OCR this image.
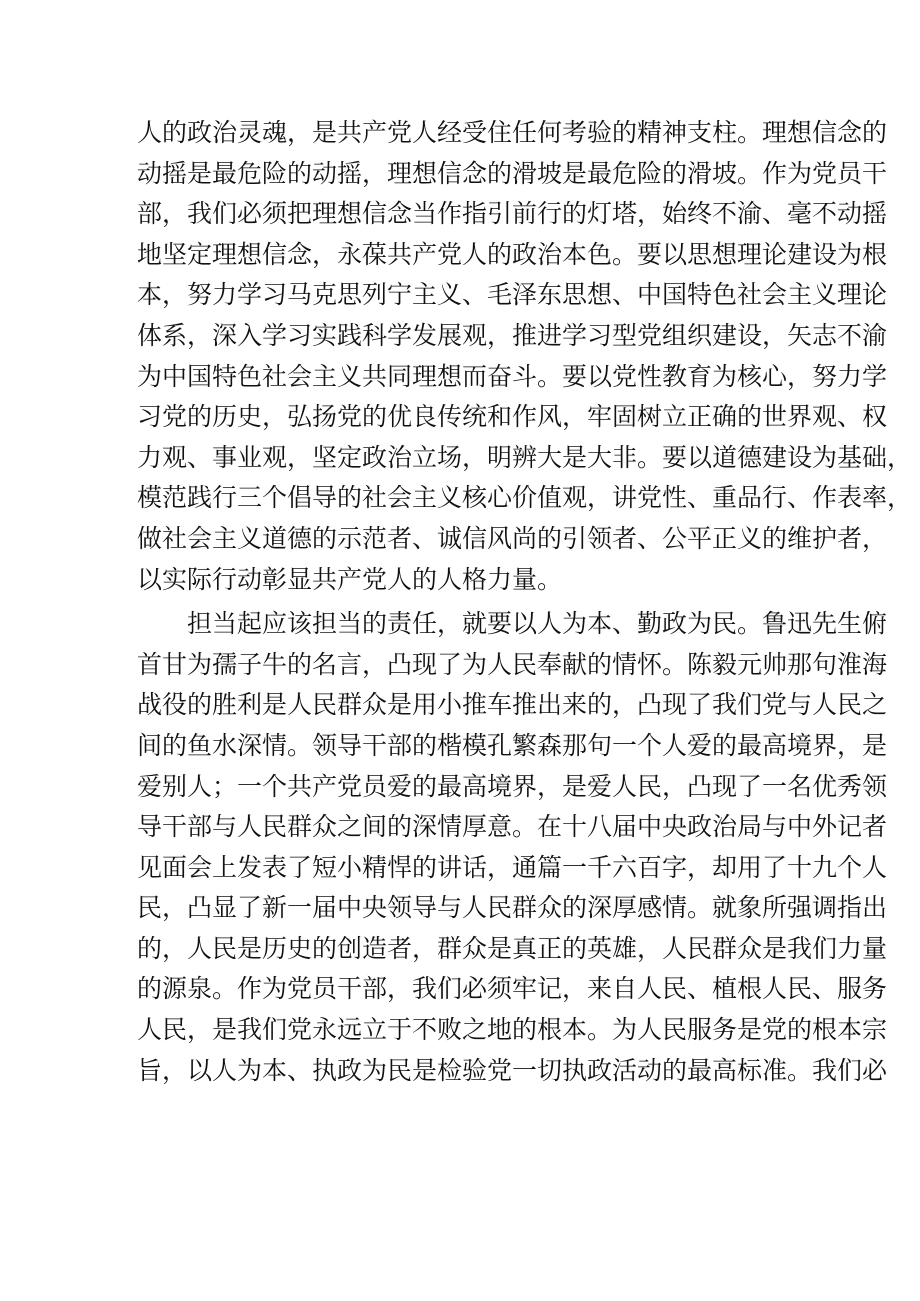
人的政治灵魂，是共产党人经受住任何考验的精神支柱。理想信念的
动摇是最危险的动摇，理想信念的滑坡是最危险的滑坡。作为党员干
部，我们必须把理想信念当作指引前行的灯塔，始终不渝、毫不动摇
地坚定理想信念，永葆共产党人的政治本色。要以思想理论建设为根
本，努力学习马克思列宁主义、毛泽东思想、中国特色社会主义理论
体系，深入学习实践科学发展观，推进学习型党组织建设，矢志不渝
为中国特色社会主义共同理想而奋斗。要以党性教育为核心，努力学
习党的历史，弘扬党的优良传统和作风，牢固树立正确的世界观、权
力观、事业观，坚定政治立场，明辨大是大非。要以道德建设为基础，
模范践行三个倡导的社会主义核心价值观，讲党性、重品行、作表率，
做社会主义道德的示范者、诚信风尚的引领者、公平正义的维护者，
以实际行动彰显共产党人的人格力量。
担当起应该担当的责任，就要以人为本、勤政为民。鲁迅先生俯
首甘为孺子牛的名言，凸现了为人民奉献的情怀。陈毅元帅那句淮海
战役的胜利是人民群众是用小推车推出来的，凸现了我们党与人民之
间的鱼水深情。领导干部的楷模孔繁森那句一个人爱的最高境界，是
爱别人；一个共产党员爱的最高境界，是爱人民，凸现了一名优秀领
导干部与人民群众之间的深情厚意。在十八届中央政治局与中外记者
见面会上发表了短小精悍的讲话，通篇一千六百字，却用了十九个人
民，凸显了新一届中央领导与人民群众的深厚感情。就象所强调指出
的，人民是历史的创造者，群众是真正的英雄，人民群众是我们力量
的源泉。作为党员干部，我们必须牢记，来自人民、植根人民、服务
人民，是我们党永远立于不败之地的根本。为人民服务是党的根本宗
旨，以人为本、执政为民是检验党一切执政活动的最高标准。我们必
